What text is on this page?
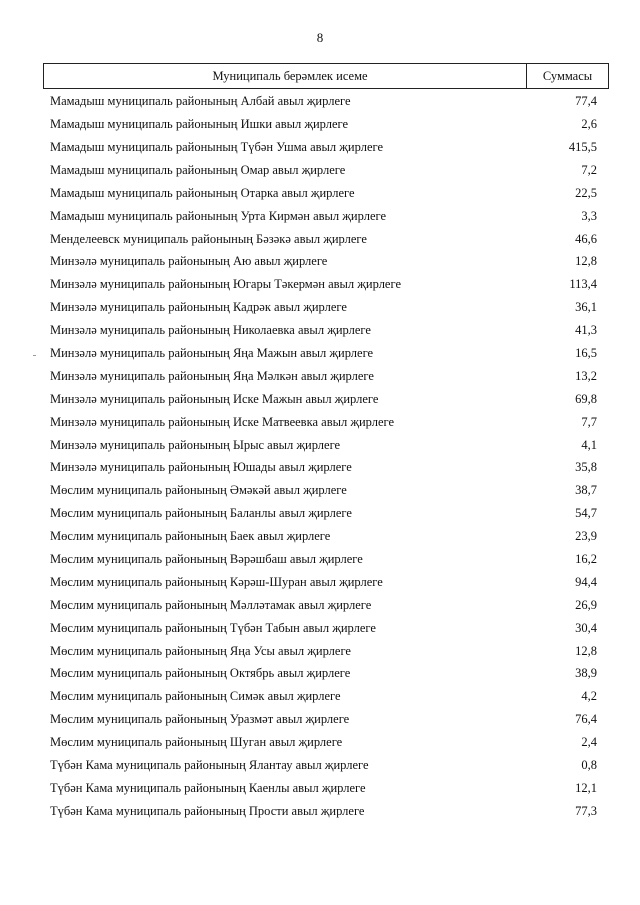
8
Муниципаль берәмлек исеме	Суммасы
Мамадыш муниципаль районының Албай авыл җирлеге	77,4
Мамадыш муниципаль районының Ишки авыл җирлеге	2,6
Мамадыш муниципаль районының Түбән Ушма авыл җирлеге	415,5
Мамадыш муниципаль районының Омар авыл җирлеге	7,2
Мамадыш муниципаль районының Отарка авыл җирлеге	22,5
Мамадыш муниципаль районының Урта Кирмән авыл җирлеге	3,3
Менделеевск муниципаль районының Бәзәкә авыл җирлеге	46,6
Минзәлә муниципаль районының Аю авыл җирлеге	12,8
Минзәлә муниципаль районының Югары Тәкермән авыл җирлеге	113,4
Минзәлә муниципаль районының Кадрәк авыл җирлеге	36,1
Минзәлә муниципаль районының Николаевка авыл җирлеге	41,3
Минзәлә муниципаль районының Яңа Мажын авыл җирлеге	16,5
Минзәлә муниципаль районының Яңа Мәлкән авыл җирлеге	13,2
Минзәлә муниципаль районының Иске Мажын авыл җирлеге	69,8
Минзәлә муниципаль районының Иске Матвеевка авыл җирлеге	7,7
Минзәлә муниципаль районының Ырыс авыл җирлеге	4,1
Минзәлә муниципаль районының Юшады авыл җирлеге	35,8
Мөслим муниципаль районының Әмәкәй авыл җирлеге	38,7
Мөслим муниципаль районының Баланлы авыл җирлеге	54,7
Мөслим муниципаль районының Баек авыл җирлеге	23,9
Мөслим муниципаль районының Вәрәшбаш авыл җирлеге	16,2
Мөслим муниципаль районының Кәрәш-Шуран авыл җирлеге	94,4
Мөслим муниципаль районының Мәлләтамак авыл җирлеге	26,9
Мөслим муниципаль районының Түбән Табын авыл җирлеге	30,4
Мөслим муниципаль районының Яңа Усы авыл җирлеге	12,8
Мөслим муниципаль районының Октябрь авыл җирлеге	38,9
Мөслим муниципаль районының Симәк авыл җирлеге	4,2
Мөслим муниципаль районының Уразмәт авыл җирлеге	76,4
Мөслим муниципаль районының Шуган авыл җирлеге	2,4
Түбән Кама муниципаль районының Ялантау авыл җирлеге	0,8
Түбән Кама муниципаль районының Каенлы авыл җирлеге	12,1
Түбән Кама муниципаль районының Прости авыл җирлеге	77,3
